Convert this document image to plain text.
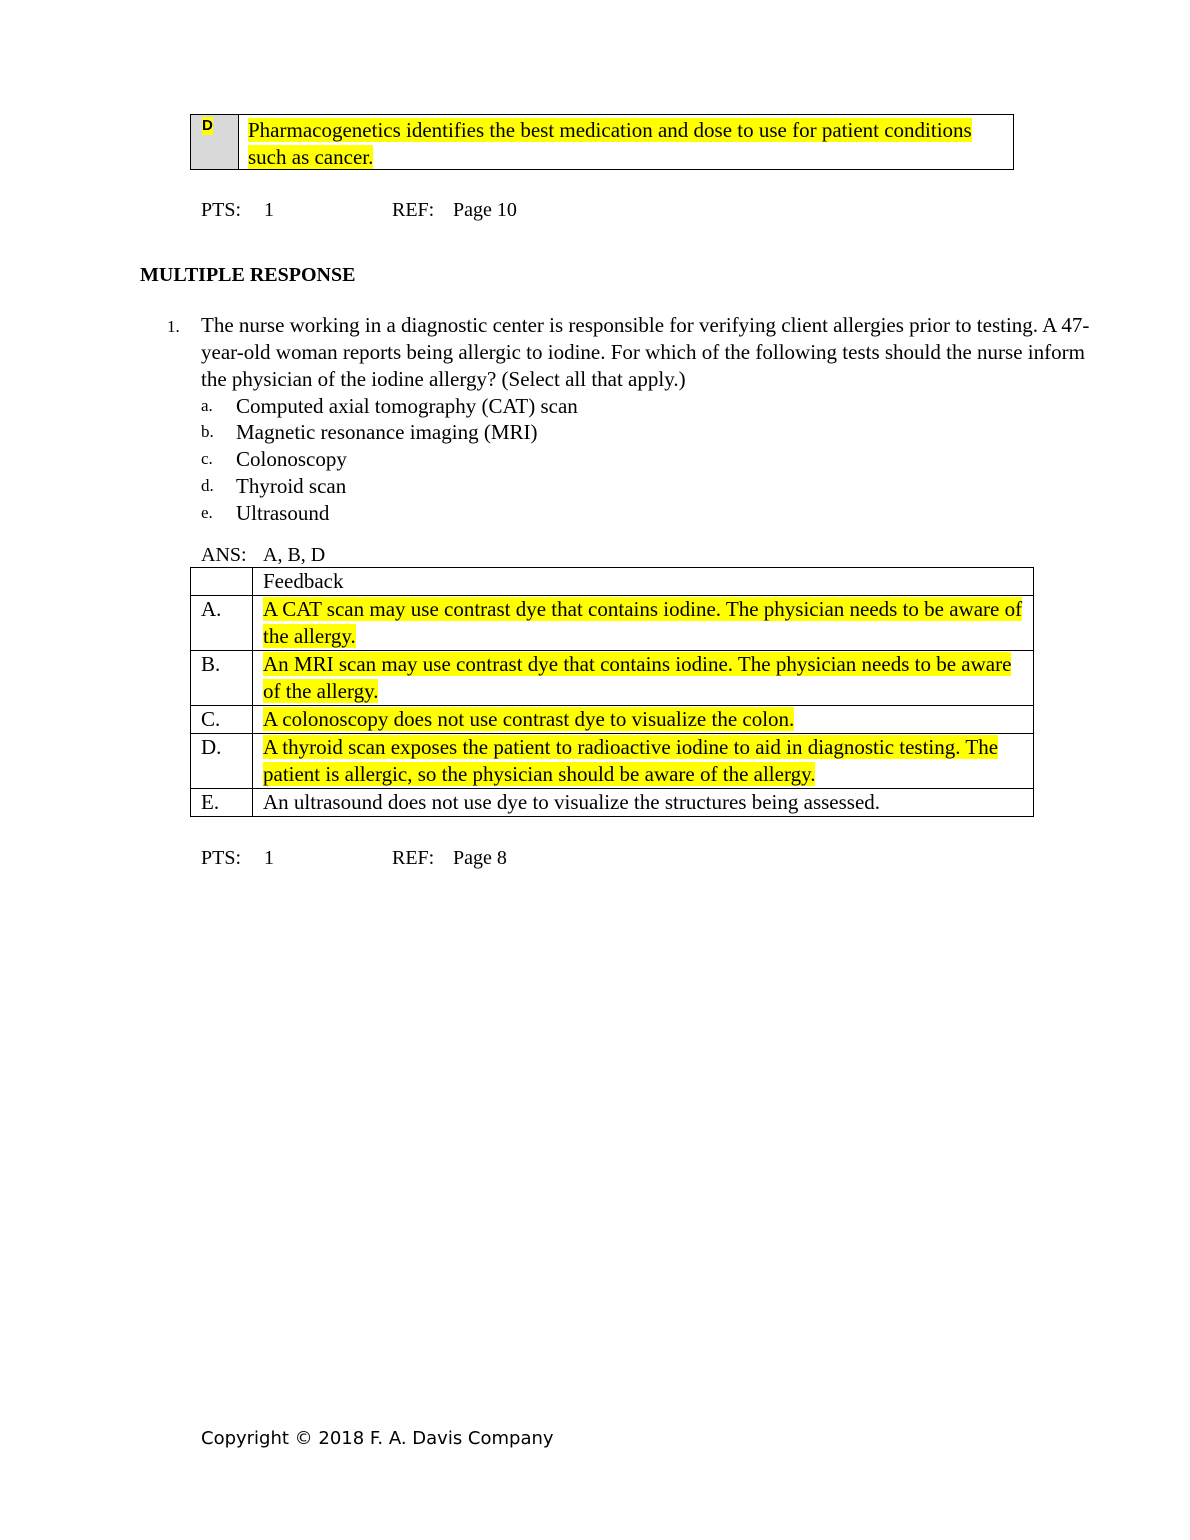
D	Pharmacogenetics identifies the best medication and dose to use for patient conditions such as cancer.
PTS: 1	REF: Page 10
MULTIPLE RESPONSE
1. The nurse working in a diagnostic center is responsible for verifying client allergies prior to testing. A 47-year-old woman reports being allergic to iodine. For which of the following tests should the nurse inform the physician of the iodine allergy? (Select all that apply.)
a. Computed axial tomography (CAT) scan
b. Magnetic resonance imaging (MRI)
c. Colonoscopy
d. Thyroid scan
e. Ultrasound
ANS: A, B, D
	Feedback
A.	A CAT scan may use contrast dye that contains iodine. The physician needs to be aware of the allergy.
B.	An MRI scan may use contrast dye that contains iodine. The physician needs to be aware of the allergy.
C.	A colonoscopy does not use contrast dye to visualize the colon.
D.	A thyroid scan exposes the patient to radioactive iodine to aid in diagnostic testing. The patient is allergic, so the physician should be aware of the allergy.
E.	An ultrasound does not use dye to visualize the structures being assessed.
PTS: 1	REF: Page 8
Copyright © 2018 F. A. Davis Company
